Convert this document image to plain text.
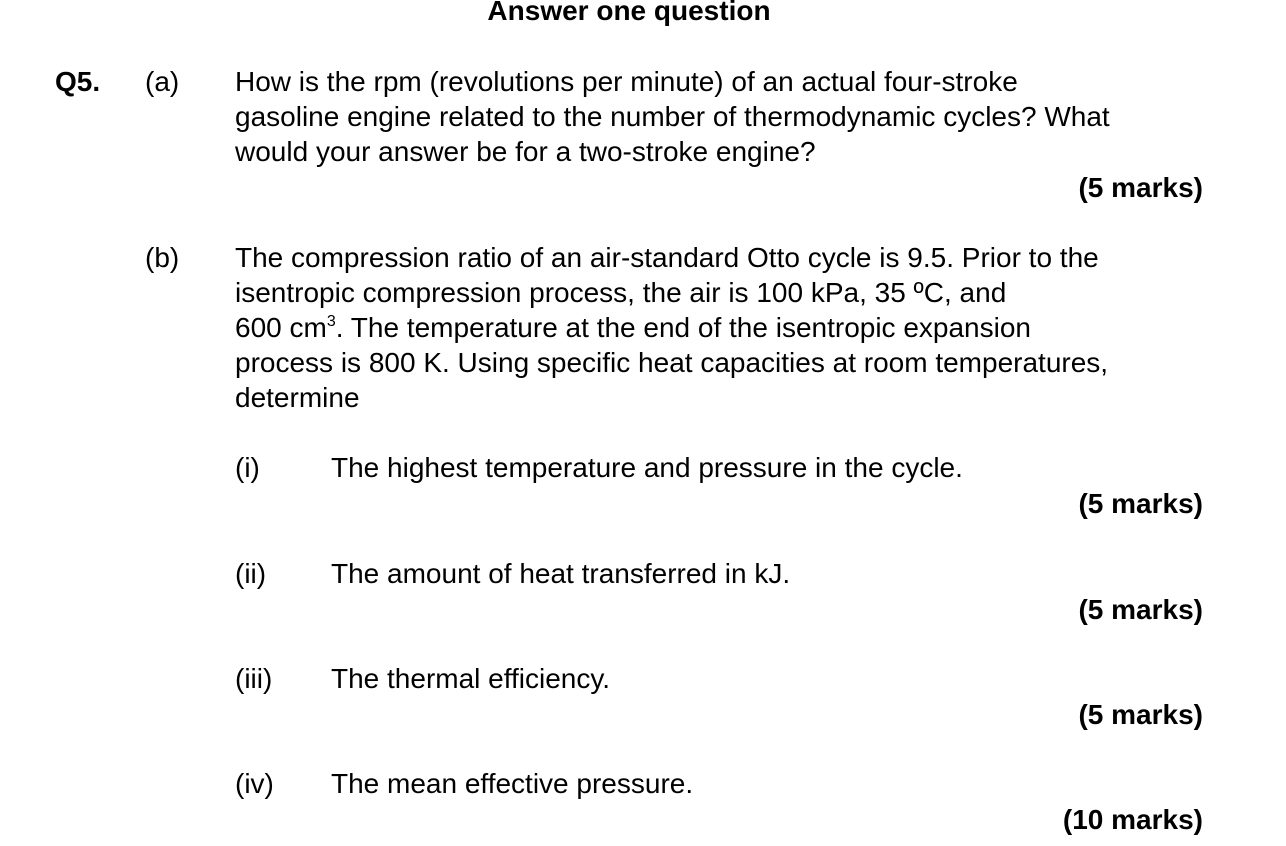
Answer one question
Q5. (a) How is the rpm (revolutions per minute) of an actual four-stroke
gasoline engine related to the number of thermodynamic cycles? What
would your answer be for a two-stroke engine?
(5 marks)
(b) The compression ratio of an air-standard Otto cycle is 9.5. Prior to the
isentropic compression process, the air is 100 kPa, 35 ºC, and
600 $cm^3$. The temperature at the end of the isentropic expansion
process is 800 K. Using specific heat capacities at room temperatures,
determine
(i)	The highest temperature and pressure in the cycle.
(5 marks)
(ii) The amount of heat transferred in kJ.
(5 marks)
(iii) The thermal efficiency.
(5 marks)
(iv) The mean effective pressure.
(10 marks)
